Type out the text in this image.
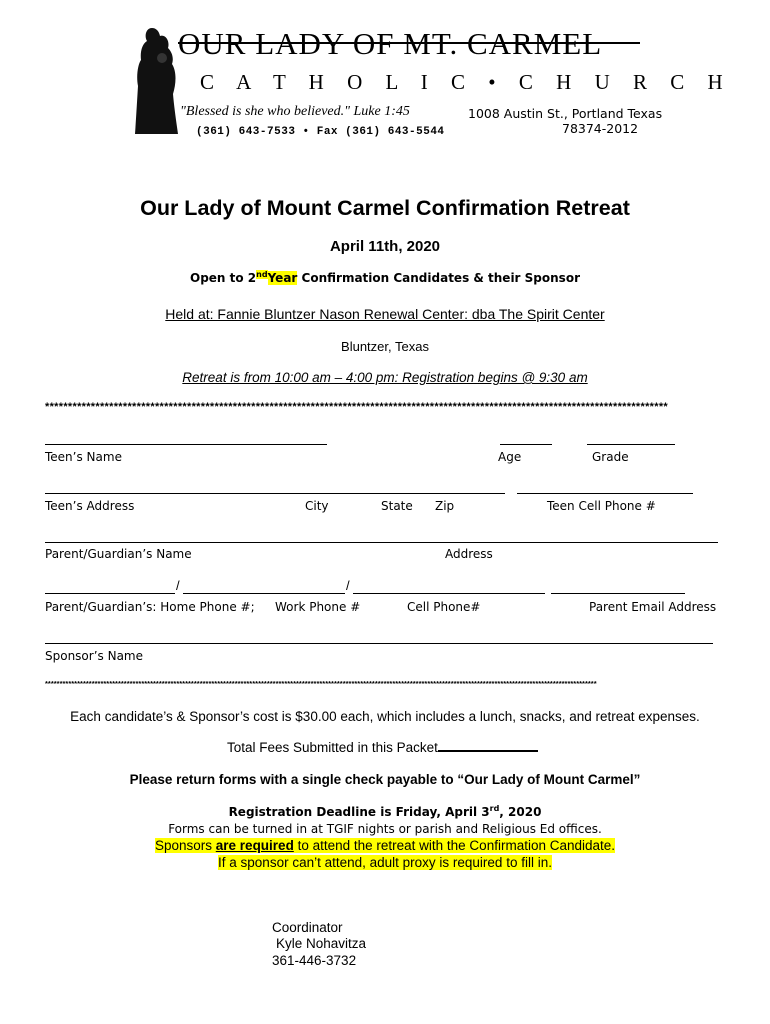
OUR LADY OF MT. CARMEL
C A T H O L I C • C H U R C H
"Blessed is she who believed." Luke 1:45
(361) 643-7533 • Fax (361) 643-5544
1008 Austin St., Portland Texas
78374-2012
Our Lady of Mount Carmel Confirmation Retreat
April 11th, 2020
Open to 2ndYear Confirmation Candidates & their Sponsor
Held at: Fannie Bluntzer Nason Renewal Center: dba The Spirit Center
Bluntzer, Texas
Retreat is from 10:00 am – 4:00 pm: Registration begins @ 9:30 am
****************************************************************************************************************************************
Teen’s Name	Age	Grade
Teen’s Address	City	State Zip	Teen Cell Phone #
Parent/Guardian’s Name	Address
/	/
Parent/Guardian’s: Home Phone #; Work Phone #	Cell Phone#	Parent Email Address
Sponsor’s Name
*********************************************************************************************************************************************************************************************
Each candidate’s & Sponsor’s cost is $30.00 each, which includes a lunch, snacks, and retreat expenses.
Total Fees Submitted in this Packet
Please return forms with a single check payable to “Our Lady of Mount Carmel”
Registration Deadline is Friday, April 3rd, 2020
Forms can be turned in at TGIF nights or parish and Religious Ed offices.
Sponsors are required to attend the retreat with the Confirmation Candidate.
If a sponsor can’t attend, adult proxy is required to fill in.
Coordinator
Kyle Nohavitza
361-446-3732
